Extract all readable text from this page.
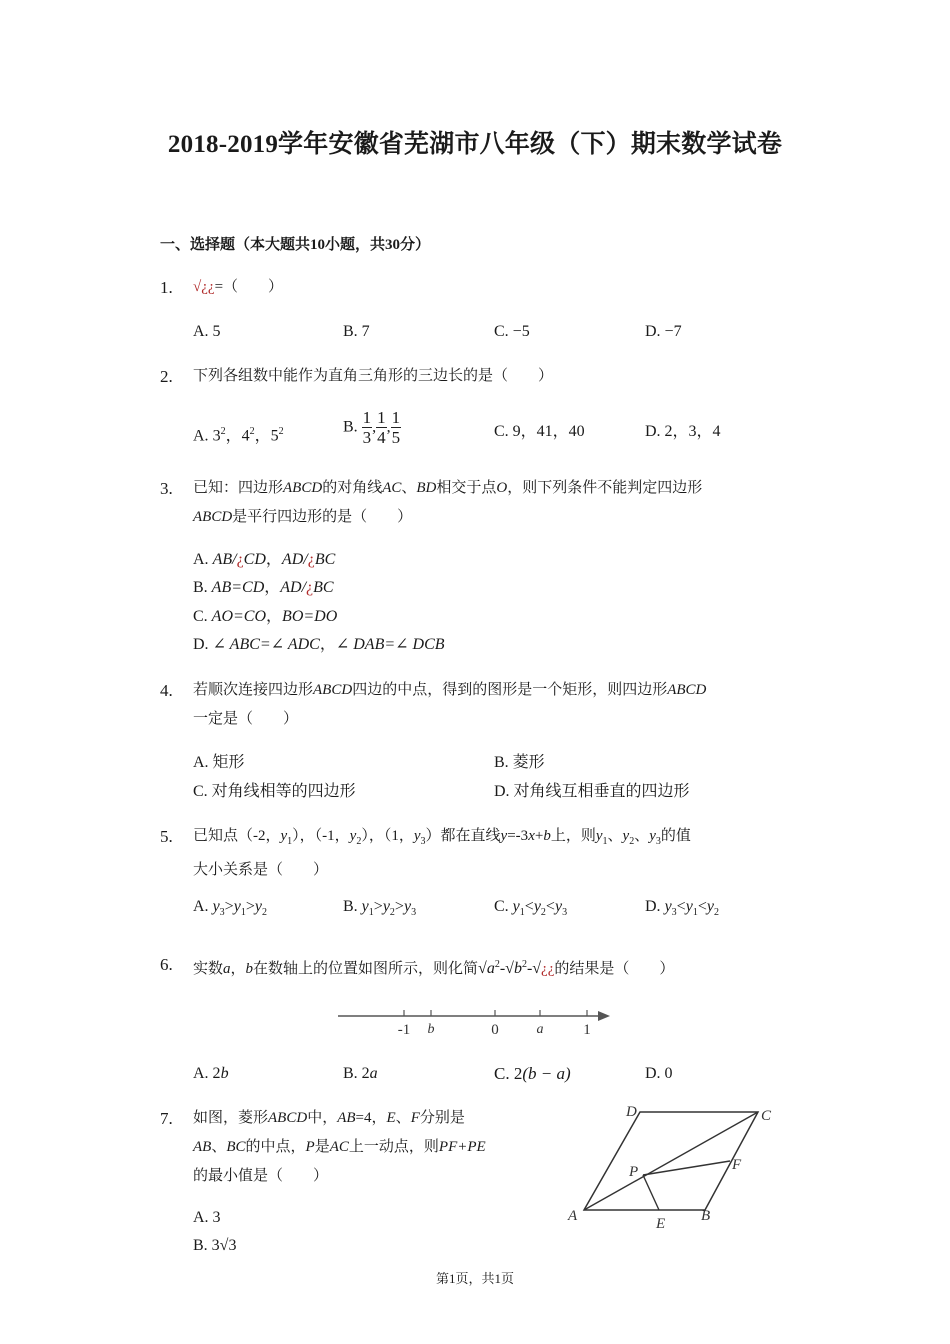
2018-2019学年安徽省芜湖市八年级（下）期末数学试卷
一、选择题（本大题共10小题，共30分）
1. √¿¿=（　　）
A. 5	B. 7	C. −5	D. −7
2. 下列各组数中能作为直角三角形的三边长的是（　　）
A. $3^2$，$4^2$，$5^2$	B. $\frac{1}{3}$ , $\frac{1}{4}$ , $\frac{1}{5}$	C. 9，41，40	D. 2，3，4
3. 已知：四边形ABCD的对角线AC、BD相交于点O，则下列条件不能判定四边形
ABCD是平行四边形的是（　　）
A. AB/¿CD，AD/¿BC
B. AB=CD，AD/¿BC
C. AO=CO，BO=DO
D. ∠ ABC=∠ ADC，∠ DAB=∠ DCB
4. 若顺次连接四边形ABCD四边的中点，得到的图形是一个矩形，则四边形ABCD
一定是（　　）
A. 矩形	B. 菱形
C. 对角线相等的四边形	D. 对角线互相垂直的四边形
5. 已知点（-2，$y_1$），（-1，$y_2$），（1，$y_3$）都在直线y=-3x+b上，则$y_1$、$y_2$、$y_3$的值
大小关系是（　　）
A. $y_3>y_1>y_2$	B. $y_1>y_2>y_3$	C. $y_1<y_2<y_3$	D. $y_3<y_1<y_2$
6. 实数a，b在数轴上的位置如图所示，则化简$√a^2-√b^2-√¿¿$的结果是（　　）
A. 2b	B. 2a	C. 2(b − a)	D. 0
-1 b	0	a	1
7. 如图，菱形ABCD中，AB=4，E、F分别是
AB、BC的中点，P是AC上一动点，则PF+PE
的最小值是（　　）
A. 3
B. 3√3
D	C
P	F
A	E B
第1页，共1页
